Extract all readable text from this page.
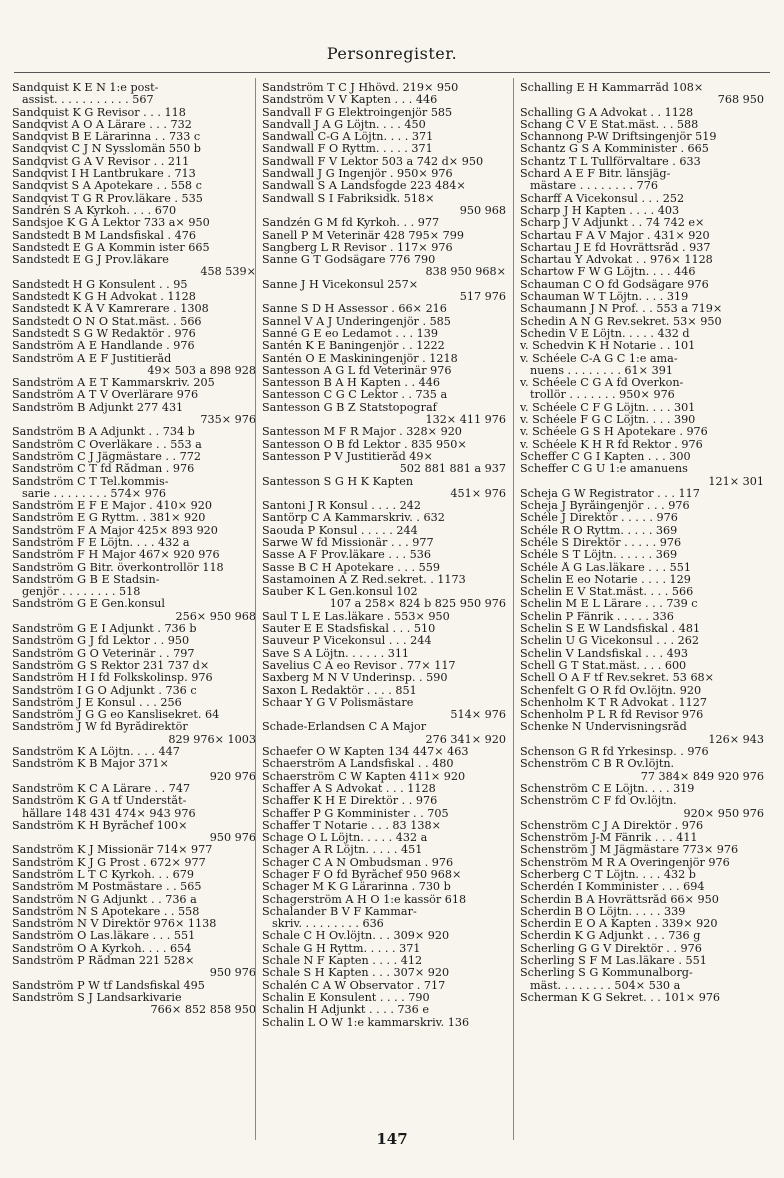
Personregister.
Sandquist K E N 1:e post-
assist. . . . . . . . . . . 567
Sandquist K G Revisor . . . 118
Sandqvist A O A Lärare . . . 732
Sandqvist B E Lärarinna . . 733 c
Sandqvist C J N Sysslomän 550 b
Sandqvist G A V Revisor . . 211
Sandqvist I H Lantbrukare . 713
Sandqvist S A Apotekare . . 558 c
Sandqvist T G R Prov.läkare . 535
Sandrén S A Kyrkoh. . . . 670
Sandsjoe K G A Lektor 733 a× 950
Sandstedt B M Landsfiskal . 476
Sandstedt E G A Kommin ister 665
Sandstedt E G J Prov.läkare
458 539×
Sandstedt H G Konsulent . . 95
Sandstedt K G H Advokat . 1128
Sandstedt K Å V Kamrerare . 1308
Sandstedt O N O Stat.mäst. . 566
Sandstedt S G W Redaktör . 976
Sandström A E Handlande . 976
Sandström A E F Justitieråd
49× 503 a 898 928
Sandström A E T Kammarskriv. 205
Sandström A T V Överlärare 976
Sandström B Adjunkt 277 431
735× 976
Sandström B A Adjunkt . . 734 b
Sandström C Överläkare . . 553 a
Sandström C J Jägmästare . . 772
Sandström C T fd Rådman . 976
Sandström C T Tel.kommis-
sarie . . . . . . . . 574× 976
Sandström E F E Major . 410× 920
Sandström E G Ryttm. . 381× 920
Sandström F A Major 425× 893 920
Sandström F E Löjtn. . . . 432 a
Sandström F H Major 467× 920 976
Sandström G Bitr. överkontrollör 118
Sandström G B E Stadsin-
genjör . . . . . . . . 518
Sandström G E Gen.konsul
256× 950 968
Sandström G E I Adjunkt . 736 b
Sandström G J fd Lektor . . 950
Sandström G O Veterinär . . 797
Sandström G S Rektor 231 737 d×
Sandström H I fd Folkskolinsp. 976
Sandström I G O Adjunkt . 736 c
Sandström J E Konsul . . . 256
Sandström J G G eo Kanslisekret. 64
Sandström J W fd Byrådirektör
829 976× 1003
Sandström K A Löjtn. . . . 447
Sandström K B Major 371×
920 976
Sandström K C A Lärare . . 747
Sandström K G A tf Underståt-
hållare 148 431 474× 943 976
Sandström K H Byråchef 100×
950 976
Sandström K J Missionär 714× 977
Sandström K J G Prost . 672× 977
Sandström L T C Kyrkoh. . . 679
Sandström M Postmästare . . 565
Sandström N G Adjunkt . . 736 a
Sandström N S Apotekare . . 558
Sandström N V Direktör 976× 1138
Sandström O Las.läkare . . . 551
Sandström O A Kyrkoh. . . . 654
Sandström P Rådman 221 528×
950 976
Sandström P W tf Landsfiskal 495
Sandström S J Landsarkivarie
766× 852 858 950
Sandström T C J Hhövd. 219× 950
Sandström V V Kapten . . . 446
Sandvall F G Elektroingenjör 585
Sandvall J A G Löjtn. . . . 450
Sandwall C-G A Löjtn. . . . 371
Sandwall F O Ryttm. . . . . 371
Sandwall F V Lektor 503 a 742 d× 950
Sandwall J G Ingenjör . 950× 976
Sandwall S A Landsfogde 223 484×
Sandwall S I Fabriksidk. 518×
950 968
Sandzén G M fd Kyrkoh. . . 977
Sanell P M Veterinär 428 795× 799
Sangberg L R Revisor . 117× 976
Sanne G T Godsägare 776 790
838 950 968×
Sanne J H Vicekonsul 257×
517 976
Sanne S D H Assessor . 66× 216
Sannel V A J Underingenjör . 585
Sanné G E eo Ledamot . . . 139
Santén K E Baningenjör . . 1222
Santén O E Maskiningenjör . 1218
Santesson A G L fd Veterinär 976
Santesson B A H Kapten . . 446
Santesson C G C Lektor . . 735 a
Santesson G B Z Statstopograf
132× 411 976
Santesson M F R Major . 328× 920
Santesson O B fd Lektor . 835 950×
Santesson P V Justitieråd 49×
502 881 881 a 937
Santesson S G H K Kapten
451× 976
Santoni J R Konsul . . . . 242
Santörp C A Kammarskriv. . 632
Saouda P Konsul . . . . . 244
Sarwe W fd Missionär . . . 977
Sasse A F Prov.läkare . . . 536
Sasse B C H Apotekare . . . 559
Sastamoinen A Z Red.sekret. . 1173
Sauber K L Gen.konsul 102
107 a 258× 824 b 825 950 976
Saul T L E Las.läkare . 553× 950
Sauter E E Stadsfiskal . . . 510
Sauveur P Vicekonsul . . . 244
Save S A Löjtn. . . . . . 311
Savelius C A eo Revisor . 77× 117
Saxberg M N V Underinsp. . 590
Saxon L Redaktör . . . . 851
Schaar Y G V Polismästare
514× 976
Schade-Erlandsen C A Major
276 341× 920
Schaefer O W Kapten 134 447× 463
Schaerström A Landsfiskal . . 480
Schaerström C W Kapten 411× 920
Schaffer A S Advokat . . . 1128
Schaffer K H E Direktör . . 976
Schaffer P G Komminister . . 705
Schaffer T Notarie . . . 83 138×
Schage O L Löjtn. . . . . 432 a
Schager A R Löjtn. . . . . 451
Schager C A N Ombudsman . 976
Schager F O fd Byråchef 950 968×
Schager M K G Lärarinna . 730 b
Schagerström A H O 1:e kassör 618
Schalander B V F Kammar-
skriv. . . . . . . . . 636
Schale C H Öv.löjtn. . . 309× 920
Schale G H Ryttm. . . . . 371
Schale N F Kapten . . . . 412
Schale S H Kapten . . . 307× 920
Schalén C A W Observator . 717
Schalin E Konsulent . . . . 790
Schalin H Adjunkt . . . . 736 e
Schalin L O W 1:e kammarskriv. 136
Schalling E H Kammarråd 108×
768 950
Schalling G A Advokat . . 1128
Schang C V E Stat.mäst. . . 588
Schannong P-W Driftsingenjör 519
Schantz G S A Komminister . 665
Schantz T L Tullförvaltare . 633
Schard A E F Bitr. länsjäg-
mästare . . . . . . . . 776
Scharff A Vicekonsul . . . 252
Scharp J H Kapten . . . . 403
Scharp J V Adjunkt . . 74 742 e×
Schartau F A V Major . 431× 920
Schartau J E fd Hovrättsråd . 937
Schartau Y Advokat . . 976× 1128
Schartow F W G Löjtn. . . . 446
Schauman C Ö fd Godsägare 976
Schauman W T Löjtn. . . . 319
Schaumann J N Prof. . . 553 a 719×
Schedin A N G Rev.sekret. 53× 950
Schedin V E Löjtn. . . . . 432 d
v. Schedvin K H Notarie . . 101
v. Schéele C-A G C 1:e ama-
nuens . . . . . . . . 61× 391
v. Schéele C G A fd Överkon-
trollör . . . . . . . 950× 976
v. Schéele C F G Löjtn. . . . 301
v. Schéele F G C Löjtn. . . . 390
v. Schéele G S H Apotekare . 976
v. Schéele K H R fd Rektor . 976
Scheffer C G I Kapten . . . 300
Scheffer C G U 1:e amanuens
121× 301
Scheja G W Registrator . . . 117
Scheja J Byråingenjör . . . 976
Schéle J Direktör . . . . . 976
Schéle R O Ryttm. . . . . 369
Schéle S Direktör . . . . . 976
Schéle S T Löjtn. . . . . . 369
Schéle Å G Las.läkare . . . 551
Schelin E eo Notarie . . . . 129
Schelin E V Stat.mäst. . . . 566
Schelin M E L Lärare . . . 739 c
Schelin P Fänrik . . . . . 336
Schelin S E W Landsfiskal . 481
Schelin U G Vicekonsul . . . 262
Schelin V Landsfiskal . . . 493
Schell G T Stat.mäst. . . . 600
Schell O A F tf Rev.sekret. 53 68×
Schenfelt G O R fd Öv.löjtn. 920
Schenholm K T R Advokat . 1127
Schenholm P L R fd Revisor 976
Schenke N Undervisningsråd
126× 943
Schenson G R fd Yrkesinsp. . 976
Schenström C B R Öv.löjtn.
77 384× 849 920 976
Schenström C E Löjtn. . . . 319
Schenström C F fd Öv.löjtn.
920× 950 976
Schenström C J A Direktör . 976
Schenström J-M Fänrik . . . 411
Schenström J M Jägmästare 773× 976
Schenström M R A Överingenjör 976
Scherberg C T Löjtn. . . . 432 b
Scherdén I Komminister . . . 694
Scherdin B A Hovrättsråd 66× 950
Scherdin B O Löjtn. . . . . 339
Scherdin E O A Kapten . 339× 920
Scherdin K G Adjunkt . . . 736 g
Scherling G G V Direktör . . 976
Scherling S F M Las.läkare . 551
Scherling S G Kommunalborg-
mäst. . . . . . . . 504× 530 a
Scherman K G Sekret. . . 101× 976
147
